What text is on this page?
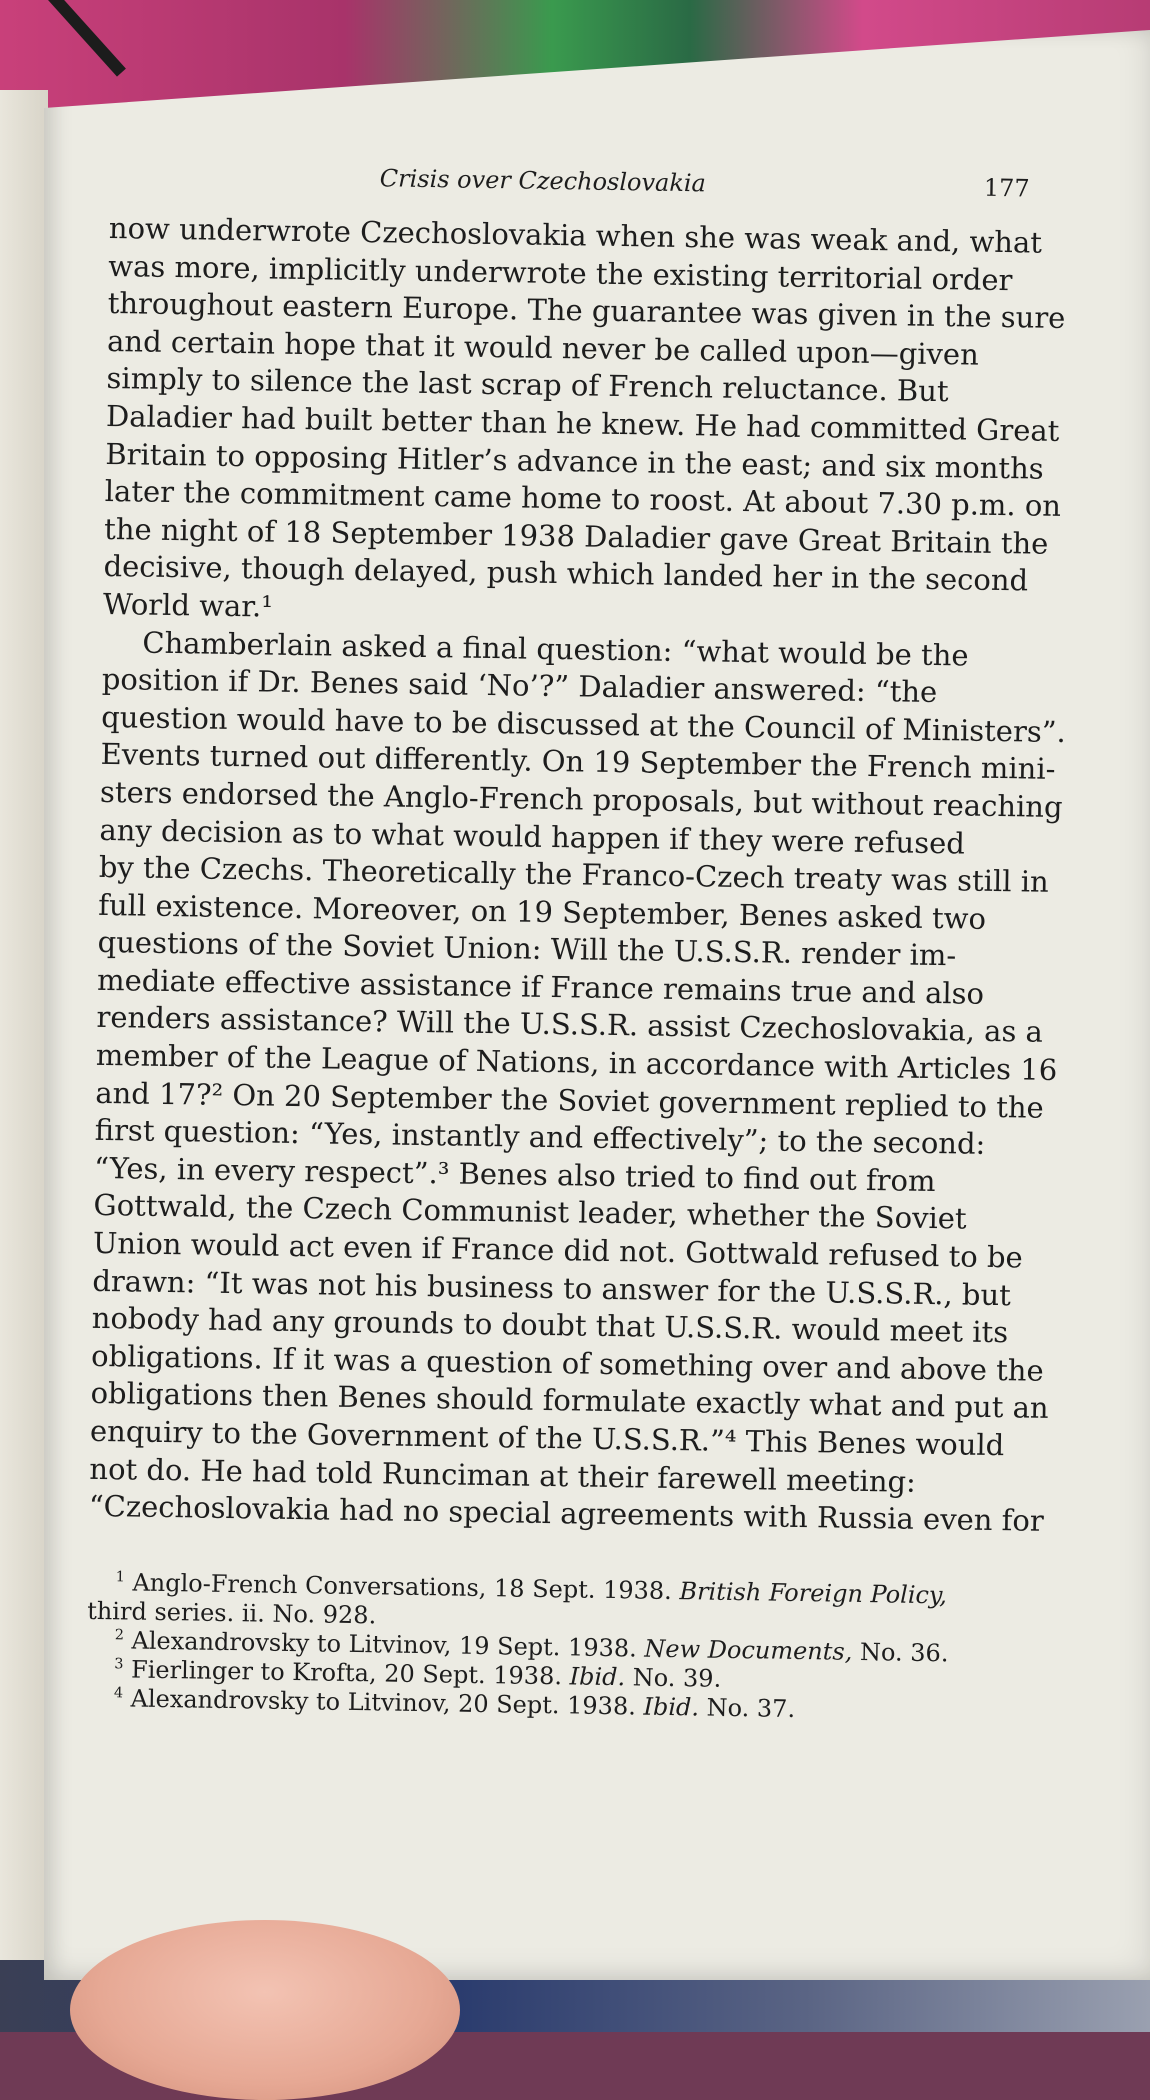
Crisis over Czechoslovakia	177

now underwrote Czechoslovakia when she was weak and, what
was more, implicitly underwrote the existing territorial order
throughout eastern Europe. The guarantee was given in the sure
and certain hope that it would never be called upon—given
simply to silence the last scrap of French reluctance. But
Daladier had built better than he knew. He had committed Great
Britain to opposing Hitler’s advance in the east; and six months
later the commitment came home to roost. At about 7.30 p.m. on
the night of 18 September 1938 Daladier gave Great Britain the
decisive, though delayed, push which landed her in the second
World war.¹

Chamberlain asked a final question: “what would be the
position if Dr. Benes said ‘No’?” Daladier answered: “the
question would have to be discussed at the Council of Ministers”.
Events turned out differently. On 19 September the French mini-
sters endorsed the Anglo-French proposals, but without reaching
any decision as to what would happen if they were refused
by the Czechs. Theoretically the Franco-Czech treaty was still in
full existence. Moreover, on 19 September, Benes asked two
questions of the Soviet Union: Will the U.S.S.R. render im-
mediate effective assistance if France remains true and also
renders assistance? Will the U.S.S.R. assist Czechoslovakia, as a
member of the League of Nations, in accordance with Articles 16
and 17?² On 20 September the Soviet government replied to the
first question: “Yes, instantly and effectively”; to the second:
“Yes, in every respect”.³ Benes also tried to find out from
Gottwald, the Czech Communist leader, whether the Soviet
Union would act even if France did not. Gottwald refused to be
drawn: “It was not his business to answer for the U.S.S.R., but
nobody had any grounds to doubt that U.S.S.R. would meet its
obligations. If it was a question of something over and above the
obligations then Benes should formulate exactly what and put an
enquiry to the Government of the U.S.S.R.”⁴ This Benes would
not do. He had told Runciman at their farewell meeting:
“Czechoslovakia had no special agreements with Russia even for

$^1$ Anglo-French Conversations, 18 Sept. 1938. British Foreign Policy,
third series. ii. No. 928.
$^2$ Alexandrovsky to Litvinov, 19 Sept. 1938. New Documents, No. 36.
$^3$ Fierlinger to Krofta, 20 Sept. 1938. Ibid. No. 39.
$^4$ Alexandrovsky to Litvinov, 20 Sept. 1938. Ibid. No. 37.
